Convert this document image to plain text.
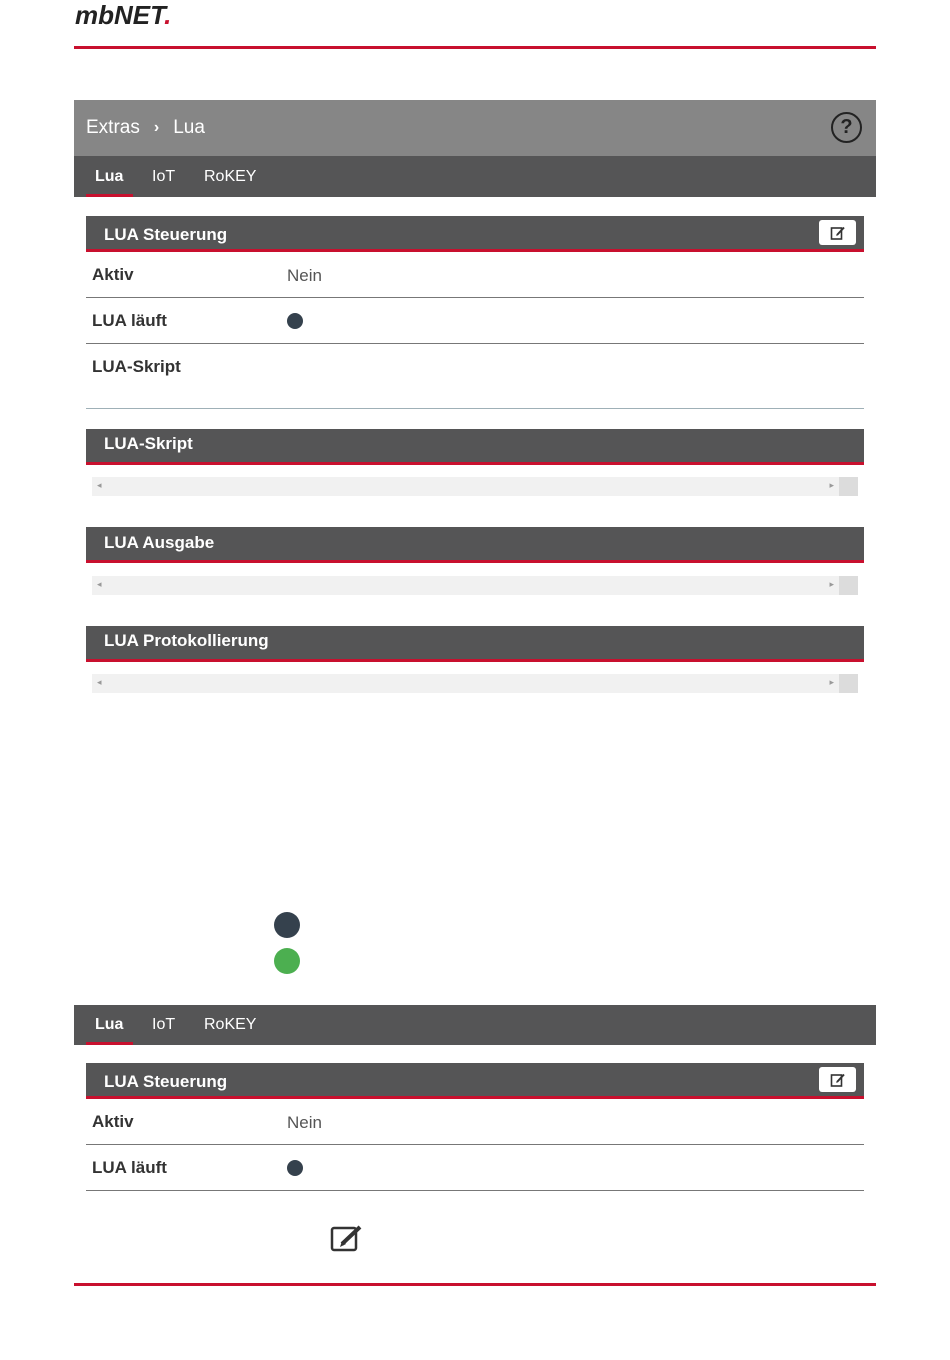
mbNET.
Extras › Lua	?
Lua IoT RoKEY
LUA Steuerung
Aktiv	Nein
LUA läuft
LUA-Skript
LUA-Skript
◂	▸
LUA Ausgabe
◂	▸
LUA Protokollierung
◂	▸
Lua IoT RoKEY
LUA Steuerung
Aktiv	Nein
LUA läuft
